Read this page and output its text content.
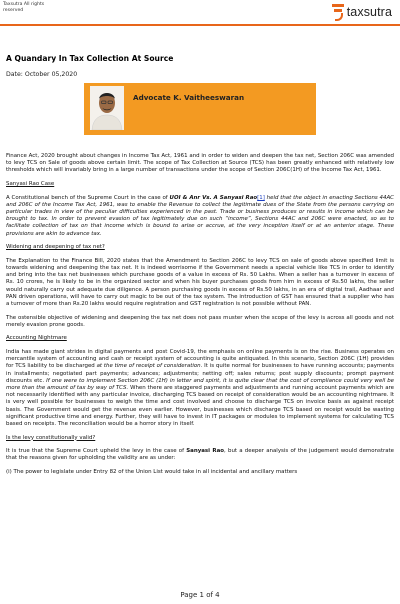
Taxsutra All rights reserved	taxsutra
A Quandary In Tax Collection At Source
Date: October 05,2020
Advocate K. Vaitheeswaran

Finance Act, 2020 brought about changes in Income Tax Act, 1961 and in order to widen and deepen the tax net, Section 206C was amended to levy TCS on Sale of goods above certain limit. The scope of Tax Collection at Source (TCS) has been greatly enhanced with relatively low thresholds which will invariably bring in a large number of transactions under the scope of Section 206C(1H) of the Income Tax Act, 1961.

Sanyasi Rao Case

A Constitutional bench of the Supreme Court in the case of UOI & Anr Vs. A Sanyasi Rao[1] held that the object in enacting Sections 44AC and 206C of the Income Tax Act, 1961, was to enable the Revenue to collect the legitimate dues of the State from the persons carrying on particular trades in view of the peculiar difficulties experienced in the past. Trade or business produces or results in income which can be brought to tax. In order to prevent evasion of tax legitimately due on such “income”, Sections 44AC and 206C were enacted, so as to facilitate collection of tax on that income which is bound to arise or accrue, at the very inception itself or at an anterior stage. These provisions are akin to advance tax.

Widening and deepening of tax net?

The Explanation to the Finance Bill, 2020 states that the Amendment to Section 206C to levy TCS on sale of goods above specified limit is towards widening and deepening the tax net. It is indeed worrisome if the Government needs a special vehicle like TCS in order to identify and bring into the tax net businesses which purchase goods of a value in excess of Rs. 50 Lakhs. When a seller has a turnover in excess of Rs. 10 crores, he is likely to be in the organized sector and when his buyer purchases goods from him in excess of Rs.50 lakhs, the seller would naturally carry out adequate due diligence. A person purchasing goods in excess of Rs.50 lakhs, in an era of digital trail, Aadhaar and PAN driven operations, will have to carry out magic to be out of the tax system. The introduction of GST has ensured that a supplier who has a turnover of more than Rs.20 lakhs would require registration and GST registration is not possible without PAN.

The ostensible objective of widening and deepening the tax net does not pass muster when the scope of the levy is across all goods and not merely evasion prone goods.

Accounting Nightmare

India has made giant strides in digital payments and post Covid-19, the emphasis on online payments is on the rise. Business operates on mercantile system of accounting and cash or receipt system of accounting is quite antiquated. In this scenario, Section 206C (1H) provides for TCS liability to be discharged at the time of receipt of consideration. It is quite normal for businesses to have running accounts; payments in installments; negotiated part payments; advances; adjustments; netting off; sales returns; post supply discounts; prompt payment discounts etc. If one were to implement Section 206C (1H) in letter and spirit, it is quite clear that the cost of compliance could very well be more than the amount of tax by way of TCS. When there are staggered payments and adjustments and running account payments which are not necessarily identified with any particular invoice, discharging TCS based on receipt of consideration would be an accounting nightmare. It is very well possible for businesses to weigh the time and cost involved and choose to discharge TCS on invoice basis as against receipt basis. The Government would get the revenue even earlier. However, businesses which discharge TCS based on receipt would be wasting significant productive time and energy. Further, they will have to invest in IT packages or modules to implement systems for calculating TCS based on receipts. The reconciliation would be a horror story in itself.

Is the levy constitutionally valid?

It is true that the Supreme Court upheld the levy in the case of Sanyasi Rao, but a deeper analysis of the judgement would demonstrate that the reasons given for upholding the validity are as under:

(i) The power to legislate under Entry 82 of the Union List would take in all incidental and ancillary matters

Page 1 of 4
